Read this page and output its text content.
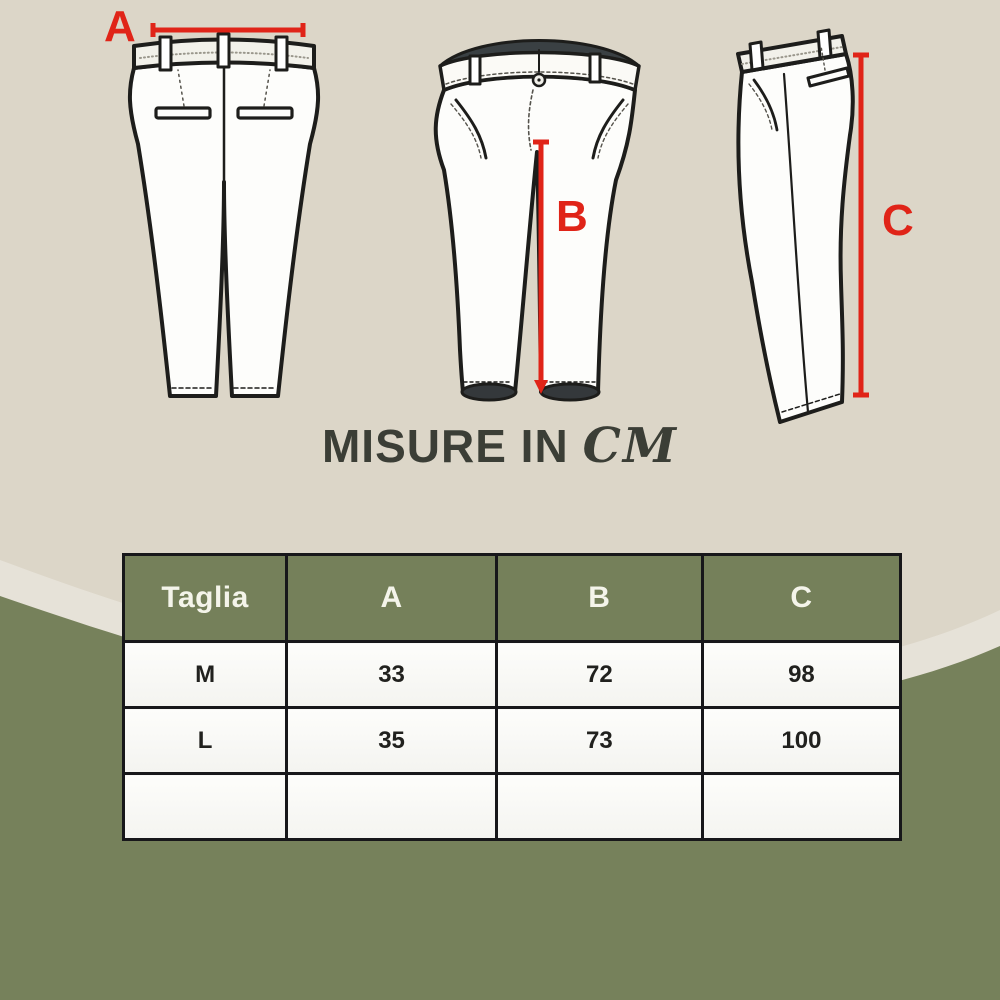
A
B	C
MISURE IN CM
Taglia	A	B	C
M	33	72	98
L	35	73	100
